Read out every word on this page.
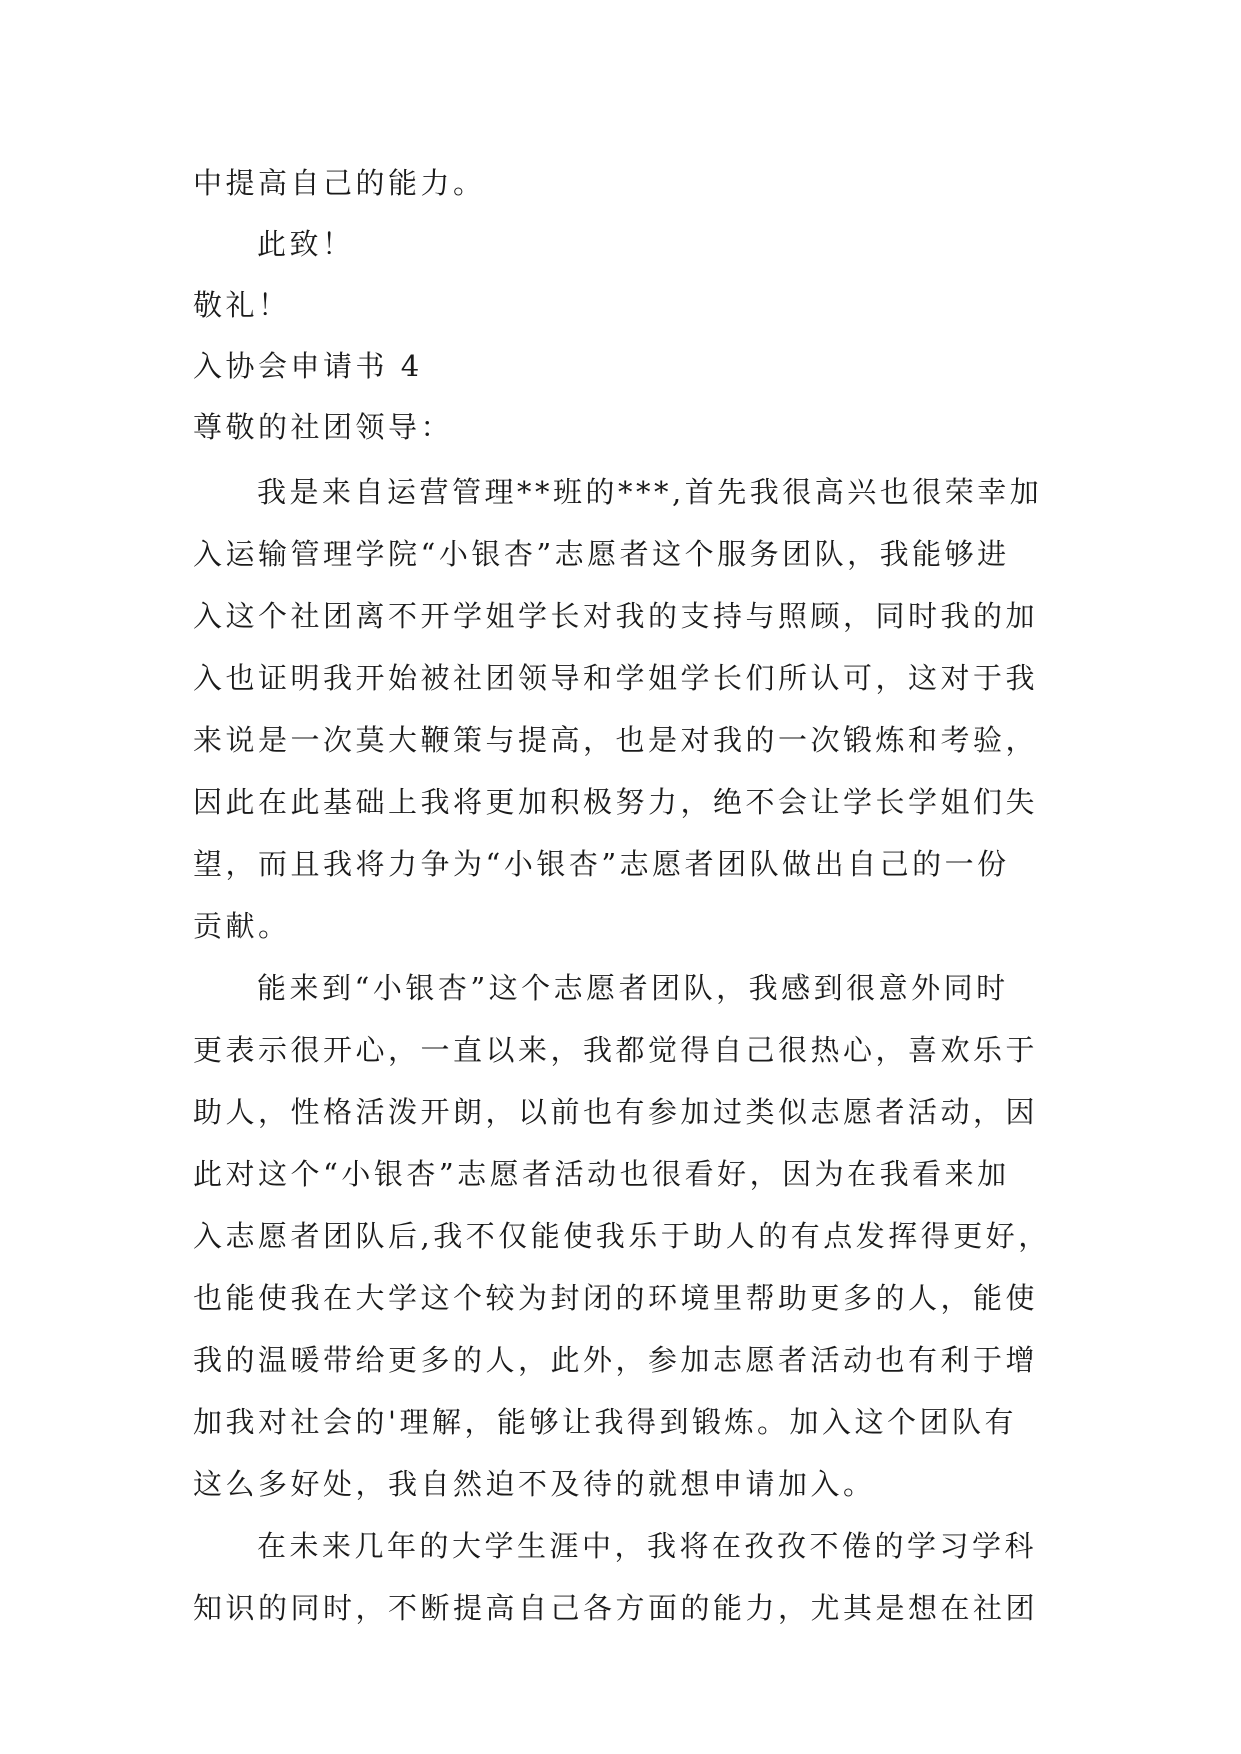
中提高自己的能力。

此致！

敬礼！

入协会申请书 4

尊敬的社团领导：

我是来自运营管理**班的***,首先我很高兴也很荣幸加

入运输管理学院“小银杏”志愿者这个服务团队，我能够进

入这个社团离不开学姐学长对我的支持与照顾，同时我的加

入也证明我开始被社团领导和学姐学长们所认可，这对于我

来说是一次莫大鞭策与提高，也是对我的一次锻炼和考验，

因此在此基础上我将更加积极努力，绝不会让学长学姐们失

望，而且我将力争为“小银杏”志愿者团队做出自己的一份

贡献。

能来到“小银杏”这个志愿者团队，我感到很意外同时

更表示很开心，一直以来，我都觉得自己很热心，喜欢乐于

助人，性格活泼开朗，以前也有参加过类似志愿者活动，因

此对这个“小银杏”志愿者活动也很看好，因为在我看来加

入志愿者团队后,我不仅能使我乐于助人的有点发挥得更好，

也能使我在大学这个较为封闭的环境里帮助更多的人，能使

我的温暖带给更多的人，此外，参加志愿者活动也有利于增

加我对社会的'理解，能够让我得到锻炼。加入这个团队有

这么多好处，我自然迫不及待的就想申请加入。

在未来几年的大学生涯中，我将在孜孜不倦的学习学科

知识的同时，不断提高自己各方面的能力，尤其是想在社团
